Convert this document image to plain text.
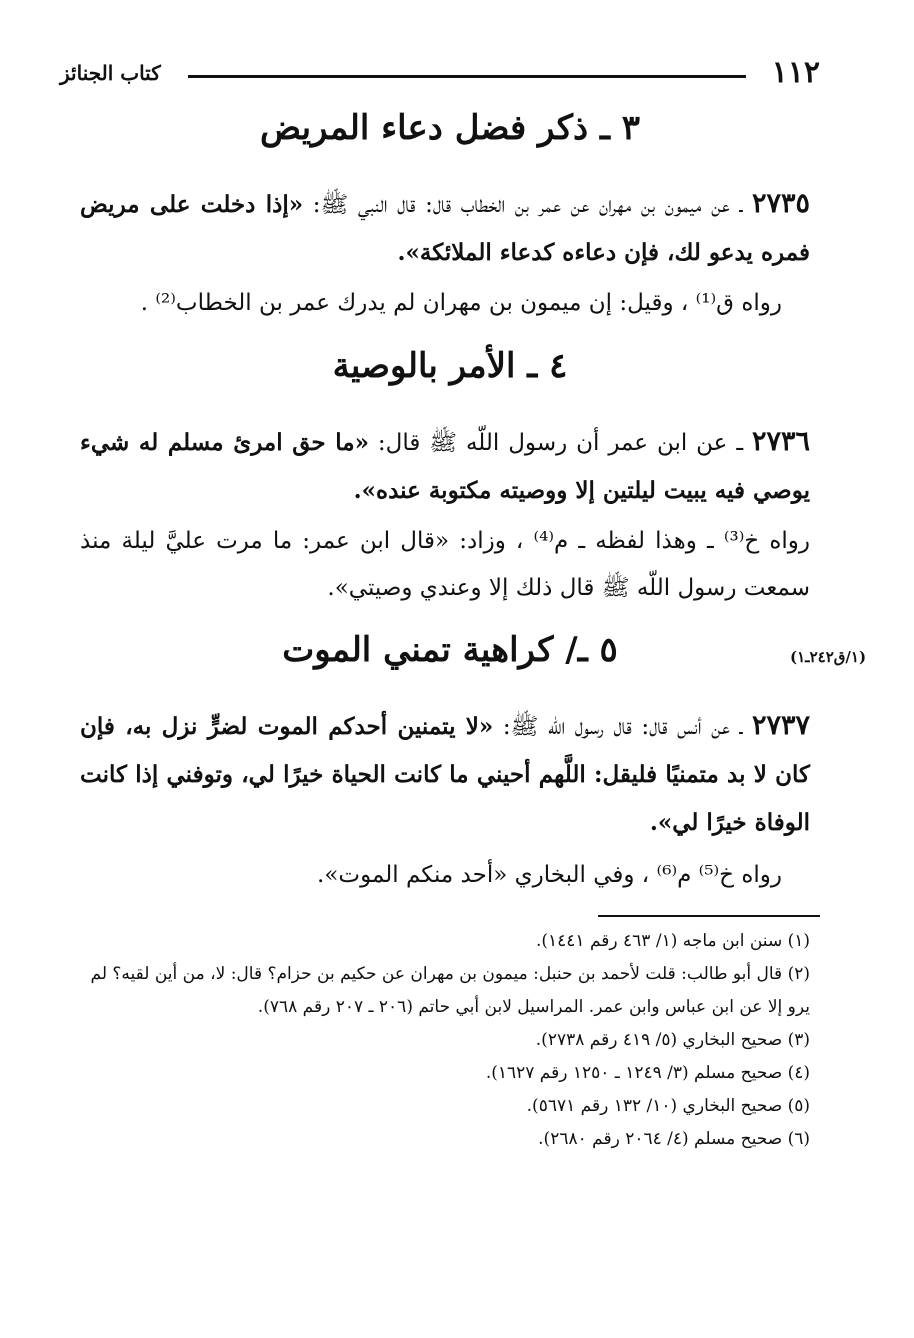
١١٢
كتاب الجنائز
٣ ـ ذكر فضل دعاء المريض
٢٧٣٥ ـ عن ميمون بن مهران عن عمر بن الخطاب قال: قال النبي ﷺ: «إذا دخلت على مريض فمره يدعو لك، فإن دعاءه كدعاء الملائكة».
رواه ق⁽¹⁾ ، وقيل: إن ميمون بن مهران لم يدرك عمر بن الخطاب⁽²⁾ .
٤ ـ الأمر بالوصية
٢٧٣٦ ـ عن ابن عمر أن رسول اللّه ﷺ قال: «ما حق امرئ مسلم له شيء يوصي فيه يبيت ليلتين إلا ووصيته مكتوبة عنده».
رواه خ⁽³⁾ ـ وهذا لفظه ـ م⁽⁴⁾ ، وزاد: «قال ابن عمر: ما مرت عليَّ ليلة منذ سمعت رسول اللّه ﷺ قال ذلك إلا وعندي وصيتي».
٥ ـ/ كراهية تمني الموت	(١/ق٢٤٢ـ١)
٢٧٣٧ ـ عن أنس قال: قال رسول اللّه ﷺ: «لا يتمنين أحدكم الموت لضرٍّ نزل به، فإن كان لا بد متمنيًا فليقل: اللَّهم أحيني ما كانت الحياة خيرًا لي، وتوفني إذا كانت الوفاة خيرًا لي».
رواه خ⁽⁵⁾ م⁽⁶⁾ ، وفي البخاري «أحد منكم الموت».

(١) سنن ابن ماجه (١/ ٤٦٣ رقم ١٤٤١).

(٢) قال أبو طالب: قلت لأحمد بن حنبل: ميمون بن مهران عن حكيم بن حزام؟ قال: لا، من أين لقيه؟ لم يرو إلا عن ابن عباس وابن عمر. المراسيل لابن أبي حاتم (٢٠٦ ـ ٢٠٧ رقم ٧٦٨).

(٣) صحيح البخاري (٥/ ٤١٩ رقم ٢٧٣٨).

(٤) صحيح مسلم (٣/ ١٢٤٩ ـ ١٢٥٠ رقم ١٦٢٧).

(٥) صحيح البخاري (١٠/ ١٣٢ رقم ٥٦٧١).

(٦) صحيح مسلم (٤/ ٢٠٦٤ رقم ٢٦٨٠).
